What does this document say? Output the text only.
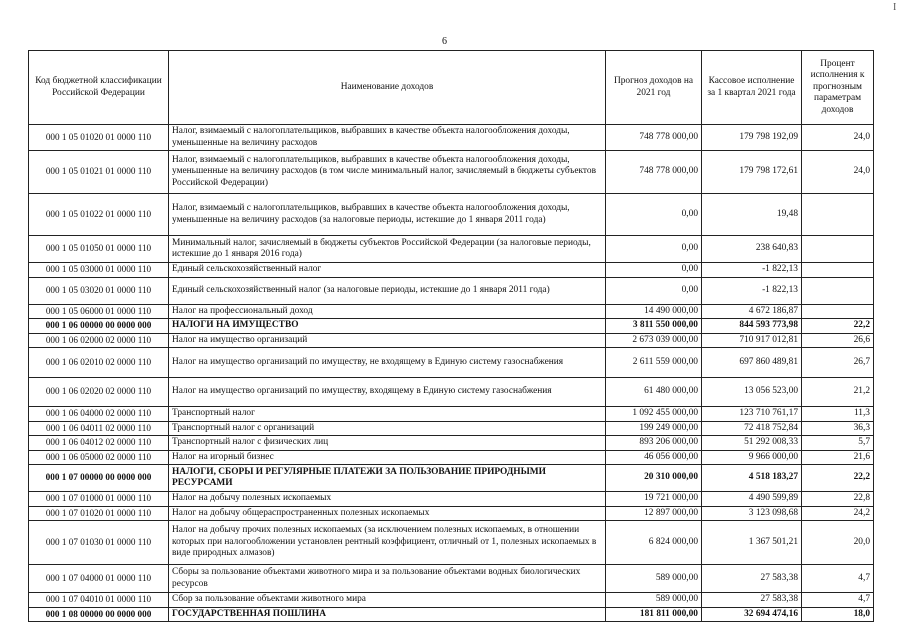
6
I
Код бюджетной классификации Российской Федерации	Наименование доходов	Прогноз доходов на 2021 год	Кассовое исполнение за 1 квартал 2021 года	Процент исполнения к прогнозным параметрам доходов
000 1 05 01020 01 0000 110	Налог, взимаемый с налогоплательщиков, выбравших в качестве объекта налогообложения доходы, уменьшенные на величину расходов	748 778 000,00	179 798 192,09	24,0
000 1 05 01021 01 0000 110	Налог, взимаемый с налогоплательщиков, выбравших в качестве объекта налогообложения доходы, уменьшенные на величину расходов (в том числе минимальный налог, зачисляемый в бюджеты субъектов Российской Федерации)	748 778 000,00	179 798 172,61	24,0
000 1 05 01022 01 0000 110	Налог, взимаемый с налогоплательщиков, выбравших в качестве объекта налогообложения доходы, уменьшенные на величину расходов (за налоговые периоды, истекшие до 1 января 2011 года)	0,00	19,48	
000 1 05 01050 01 0000 110	Минимальный налог, зачисляемый в бюджеты субъектов Российской Федерации (за налоговые периоды, истекшие до 1 января 2016 года)	0,00	238 640,83	
000 1 05 03000 01 0000 110	Единый сельскохозяйственный налог	0,00	-1 822,13	
000 1 05 03020 01 0000 110	Единый сельскохозяйственный налог (за налоговые периоды, истекшие до 1 января 2011 года)	0,00	-1 822,13	
000 1 05 06000 01 0000 110	Налог на профессиональный доход	14 490 000,00	4 672 186,87	
000 1 06 00000 00 0000 000	НАЛОГИ НА ИМУЩЕСТВО	3 811 550 000,00	844 593 773,98	22,2
000 1 06 02000 02 0000 110	Налог на имущество организаций	2 673 039 000,00	710 917 012,81	26,6
000 1 06 02010 02 0000 110	Налог на имущество организаций по имуществу, не входящему в Единую систему газоснабжения	2 611 559 000,00	697 860 489,81	26,7
000 1 06 02020 02 0000 110	Налог на имущество организаций по имуществу, входящему в Единую систему газоснабжения	61 480 000,00	13 056 523,00	21,2
000 1 06 04000 02 0000 110	Транспортный налог	1 092 455 000,00	123 710 761,17	11,3
000 1 06 04011 02 0000 110	Транспортный налог с организаций	199 249 000,00	72 418 752,84	36,3
000 1 06 04012 02 0000 110	Транспортный налог с физических лиц	893 206 000,00	51 292 008,33	5,7
000 1 06 05000 02 0000 110	Налог на игорный бизнес	46 056 000,00	9 966 000,00	21,6
000 1 07 00000 00 0000 000	НАЛОГИ, СБОРЫ И РЕГУЛЯРНЫЕ ПЛАТЕЖИ ЗА ПОЛЬЗОВАНИЕ ПРИРОДНЫМИ РЕСУРСАМИ	20 310 000,00	4 518 183,27	22,2
000 1 07 01000 01 0000 110	Налог на добычу полезных ископаемых	19 721 000,00	4 490 599,89	22,8
000 1 07 01020 01 0000 110	Налог на добычу общераспространенных полезных ископаемых	12 897 000,00	3 123 098,68	24,2
000 1 07 01030 01 0000 110	Налог на добычу прочих полезных ископаемых (за исключением полезных ископаемых, в отношении которых при налогообложении установлен рентный коэффициент, отличный от 1, полезных ископаемых в виде природных алмазов)	6 824 000,00	1 367 501,21	20,0
000 1 07 04000 01 0000 110	Сборы за пользование объектами животного мира и за пользование объектами водных биологических ресурсов	589 000,00	27 583,38	4,7
000 1 07 04010 01 0000 110	Сбор за пользование объектами животного мира	589 000,00	27 583,38	4,7
000 1 08 00000 00 0000 000	ГОСУДАРСТВЕННАЯ ПОШЛИНА	181 811 000,00	32 694 474,16	18,0
